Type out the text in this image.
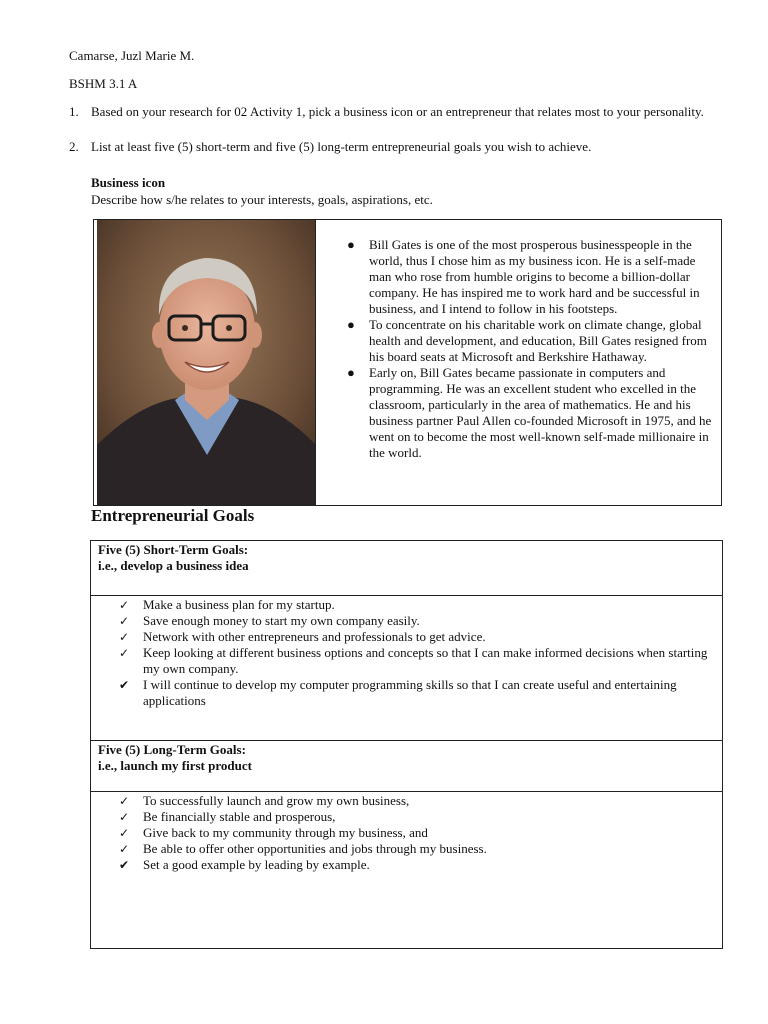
Camarse, Juzl Marie M.
BSHM 3.1 A
1. Based on your research for 02 Activity 1, pick a business icon or an entrepreneur that relates most to your personality.
2. List at least five (5) short-term and five (5) long-term entrepreneurial goals you wish to achieve.
Business icon
Describe how s/he relates to your interests, goals, aspirations, etc.

● Bill Gates is one of the most prosperous businesspeople in the world, thus I chose him as my business icon. He is a self-made man who rose from humble origins to become a billion-dollar company. He has inspired me to work hard and be successful in business, and I intend to follow in his footsteps.

● To concentrate on his charitable work on climate change, global health and development, and education, Bill Gates resigned from his board seats at Microsoft and Berkshire Hathaway.

● Early on, Bill Gates became passionate in computers and programming. He was an excellent student who excelled in the classroom, particularly in the area of mathematics. He and his business partner Paul Allen co-founded Microsoft in 1975, and he went on to become the most well-known self-made millionaire in the world.

Entrepreneurial Goals
Five (5) Short-Term Goals:
i.e., develop a business idea
✓ Make a business plan for my startup.
✓ Save enough money to start my own company easily.
✓ Network with other entrepreneurs and professionals to get advice.
✓ Keep looking at different business options and concepts so that I can make informed decisions when starting my own company.
✔ I will continue to develop my computer programming skills so that I can create useful and entertaining applications
Five (5) Long-Term Goals:
i.e., launch my first product
✓ To successfully launch and grow my own business,
✓ Be financially stable and prosperous,
✓ Give back to my community through my business, and
✓ Be able to offer other opportunities and jobs through my business.
✔ Set a good example by leading by example.
